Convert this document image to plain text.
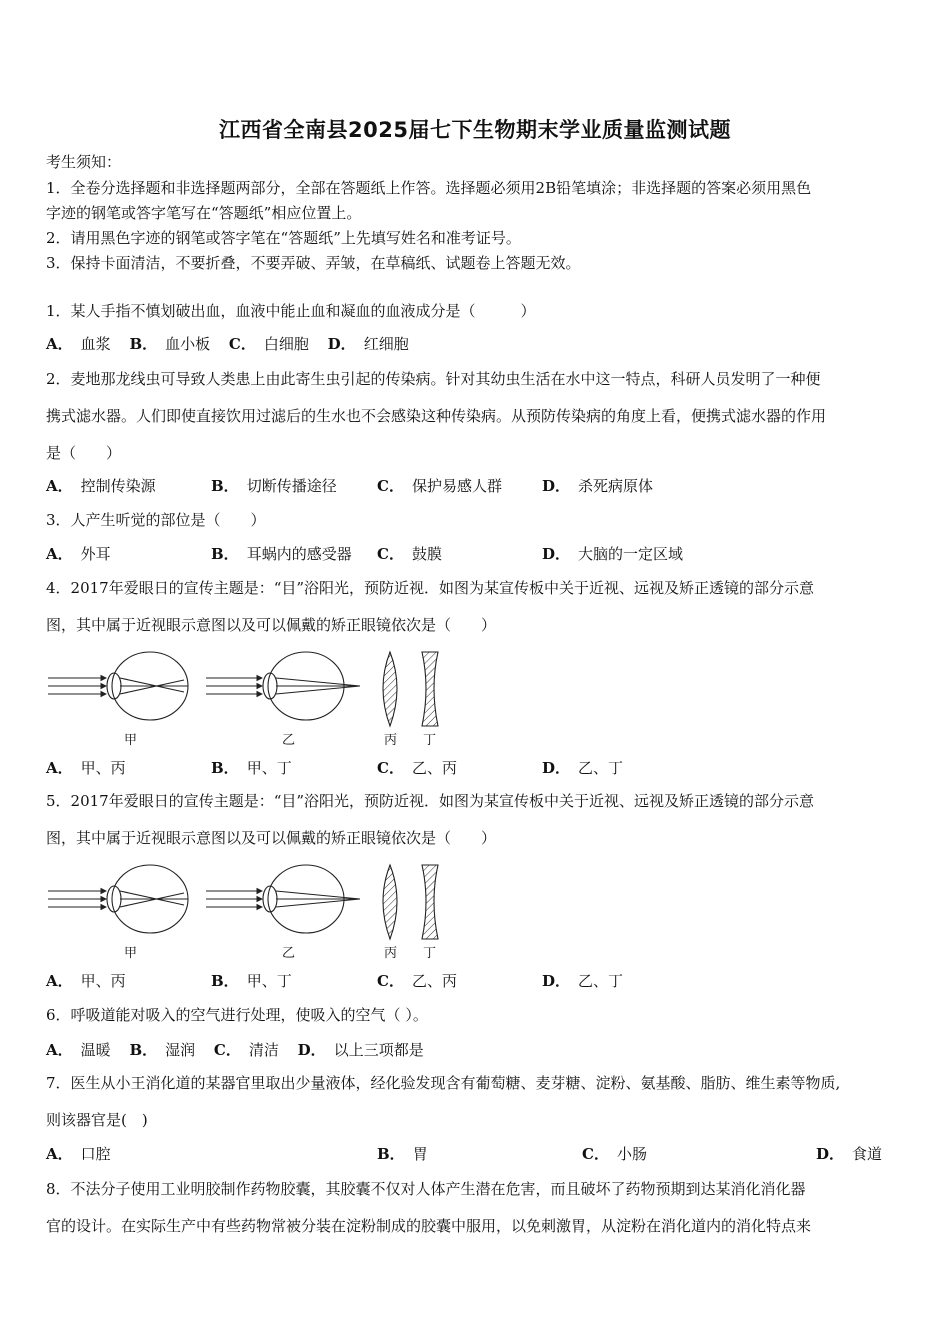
江西省全南县2025届七下生物期末学业质量监测试题
考生须知：
1．全卷分选择题和非选择题两部分，全部在答题纸上作答。选择题必须用2B铅笔填涂；非选择题的答案必须用黑色
字迹的钢笔或答字笔写在“答题纸”相应位置上。
2．请用黑色字迹的钢笔或答字笔在“答题纸”上先填写姓名和准考证号。
3．保持卡面清洁，不要折叠，不要弄破、弄皱，在草稿纸、试题卷上答题无效。
1．某人手指不慎划破出血，血液中能止血和凝血的血液成分是（　　　）
A． 血浆 B． 血小板 C． 白细胞 D． 红细胞
2．麦地那龙线虫可导致人类患上由此寄生虫引起的传染病。针对其幼虫生活在水中这一特点，科研人员发明了一种便
携式滤水器。人们即使直接饮用过滤后的生水也不会感染这种传染病。从预防传染病的角度上看，便携式滤水器的作用
是（　　）
A． 控制传染源	B． 切断传播途径	C． 保护易感人群	D． 杀死病原体
3．人产生听觉的部位是（　　）
A． 外耳	B． 耳蜗内的感受器 C． 鼓膜	D． 大脑的一定区域
4．2017年爱眼日的宣传主题是：“目”浴阳光，预防近视．如图为某宣传板中关于近视、远视及矫正透镜的部分示意
图，其中属于近视眼示意图以及可以佩戴的矫正眼镜依次是（　　）
甲	乙	丙 丁
A． 甲、丙	B． 甲、丁	C． 乙、丙	D． 乙、丁
5．2017年爱眼日的宣传主题是：“目”浴阳光，预防近视．如图为某宣传板中关于近视、远视及矫正透镜的部分示意
图，其中属于近视眼示意图以及可以佩戴的矫正眼镜依次是（　　）
甲	乙	丙 丁
A． 甲、丙	B． 甲、丁	C． 乙、丙	D． 乙、丁
6．呼吸道能对吸入的空气进行处理，使吸入的空气（ ）。
A． 温暖 B． 湿润 C． 清洁 D． 以上三项都是
7．医生从小王消化道的某器官里取出少量液体，经化验发现含有葡萄糖、麦芽糖、淀粉、氨基酸、脂肪、维生素等物质,
则该器官是(　)
A． 口腔	B． 胃	C． 小肠	D． 食道
8．不法分子使用工业明胶制作药物胶囊，其胶囊不仅对人体产生潜在危害，而且破坏了药物预期到达某消化消化器
官的设计。在实际生产中有些药物常被分装在淀粉制成的胶囊中服用，以免刺激胃，从淀粉在消化道内的消化特点来
